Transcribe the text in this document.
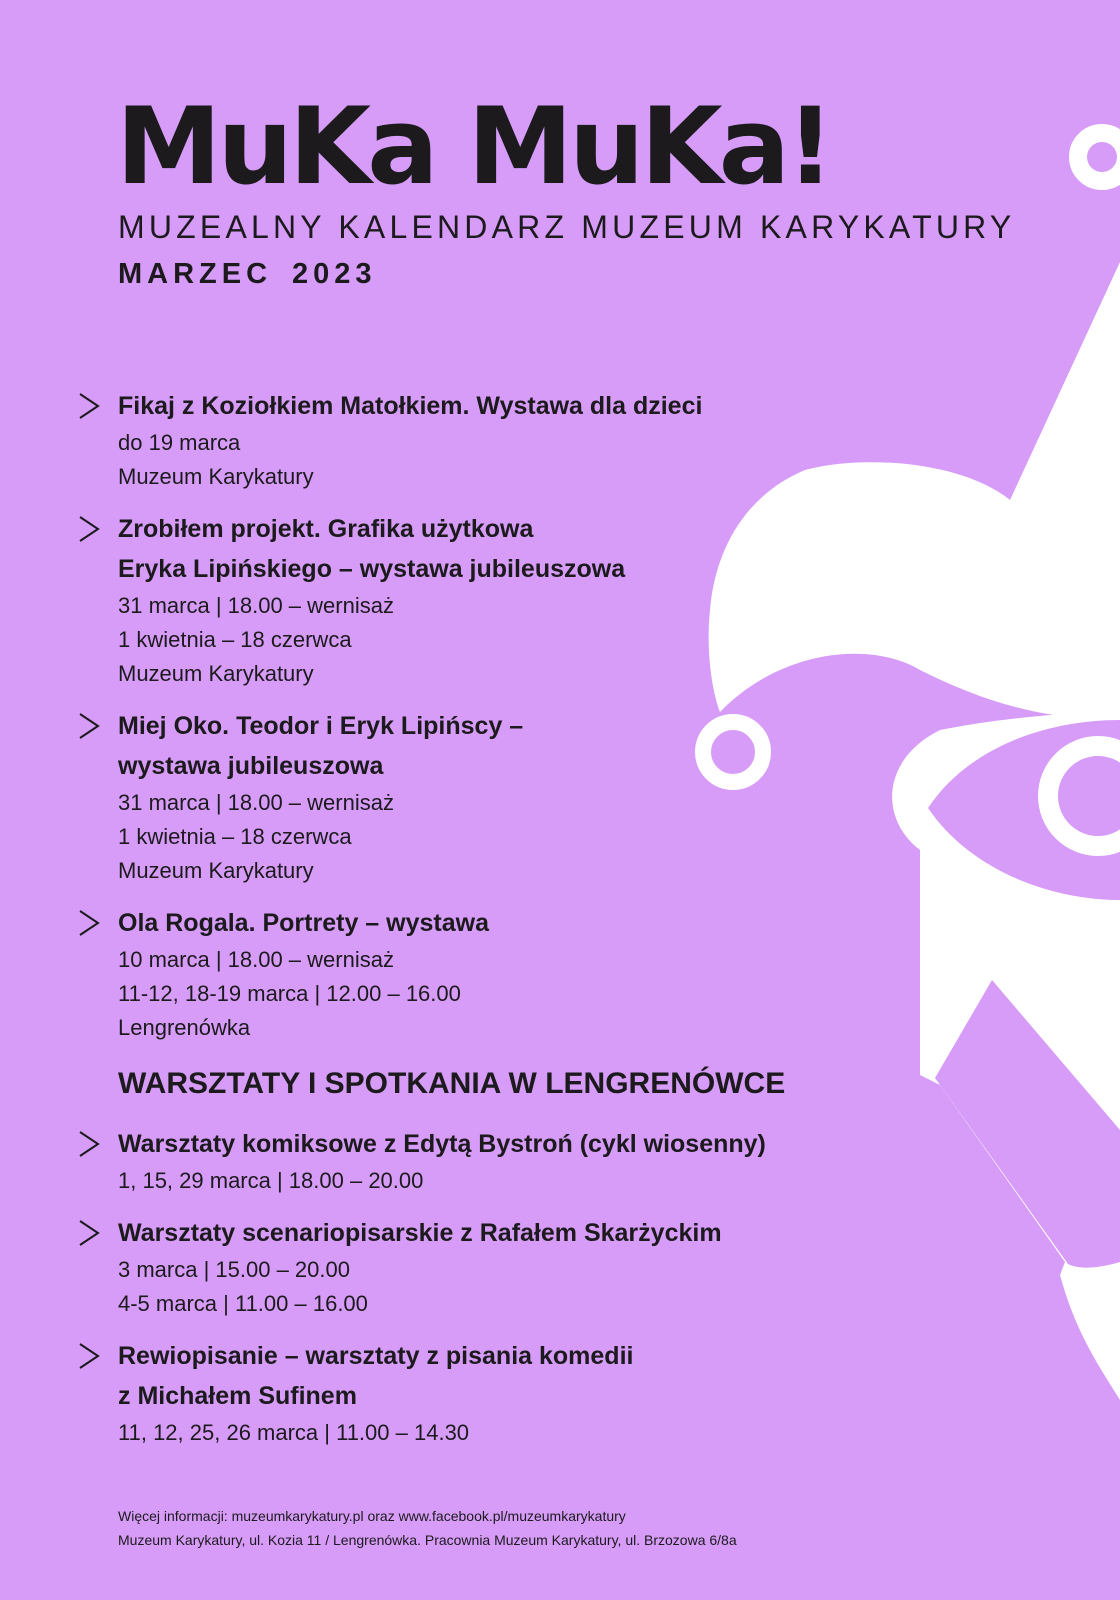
MuKa MuKa!
MUZEALNY KALENDARZ MUZEUM KARYKATURY
MARZEC 2023
Fikaj z Koziołkiem Matołkiem. Wystawa dla dzieci
do 19 marca
Muzeum Karykatury
Zrobiłem projekt. Grafika użytkowa
Eryka Lipińskiego – wystawa jubileuszowa
31 marca | 18.00 – wernisaż
1 kwietnia – 18 czerwca
Muzeum Karykatury
Miej Oko. Teodor i Eryk Lipińscy –
wystawa jubileuszowa
31 marca | 18.00 – wernisaż
1 kwietnia – 18 czerwca
Muzeum Karykatury
Ola Rogala. Portrety – wystawa
10 marca | 18.00 – wernisaż
11-12, 18-19 marca | 12.00 – 16.00
Lengrenówka
WARSZTATY I SPOTKANIA W LENGRENÓWCE
Warsztaty komiksowe z Edytą Bystroń (cykl wiosenny)
1, 15, 29 marca | 18.00 – 20.00
Warsztaty scenariopisarskie z Rafałem Skarżyckim
3 marca | 15.00 – 20.00
4-5 marca | 11.00 – 16.00
Rewiopisanie – warsztaty z pisania komedii
z Michałem Sufinem
11, 12, 25, 26 marca | 11.00 – 14.30
Więcej informacji: muzeumkarykatury.pl oraz www.facebook.pl/muzeumkarykatury
Muzeum Karykatury, ul. Kozia 11 / Lengrenówka. Pracownia Muzeum Karykatury, ul. Brzozowa 6/8a
